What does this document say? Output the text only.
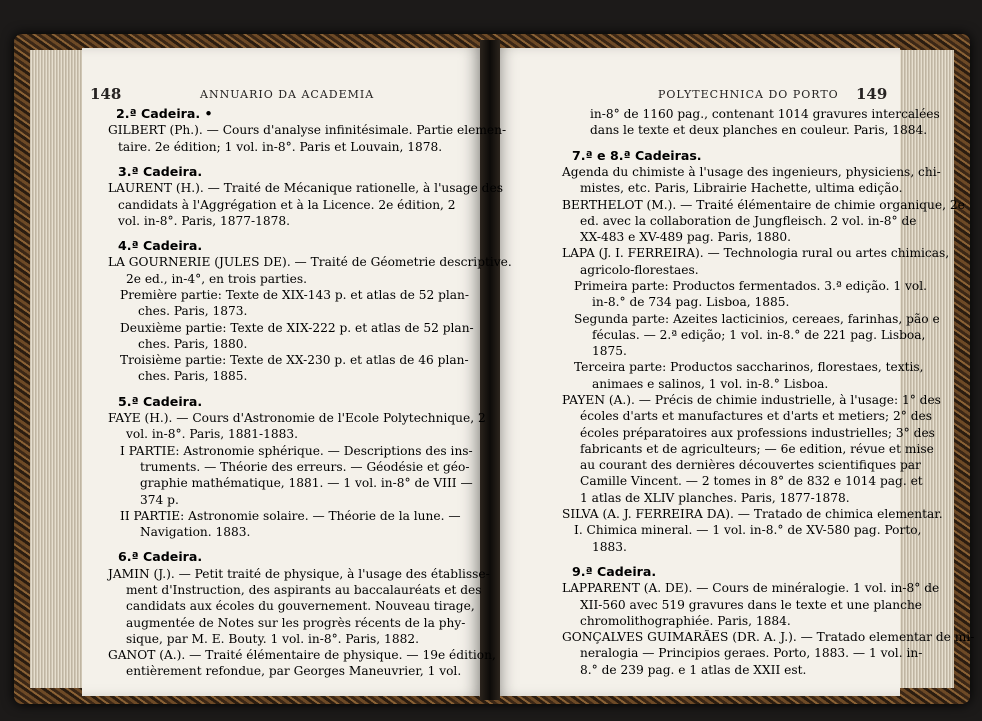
148	ANNUARIO DA ACADEMIA	POLYTECHNICA DO PORTO 149
2.ª Cadeira. •
GILBERT (Ph.). — Cours d'analyse infinitésimale. Partie elemen-
taire. 2e édition; 1 vol. in-8°. Paris et Louvain, 1878.
3.ª Cadeira.
LAURENT (H.). — Traité de Mécanique rationelle, à l'usage des
candidats à l'Aggrégation et à la Licence. 2e édition, 2
vol. in-8°. Paris, 1877-1878.
4.ª Cadeira.
LA GOURNERIE (JULES DE). — Traité de Géometrie descriptive.
2e ed., in-4°, en trois parties.
Première partie: Texte de XIX-143 p. et atlas de 52 plan-
ches. Paris, 1873.
Deuxième partie: Texte de XIX-222 p. et atlas de 52 plan-
ches. Paris, 1880.
Troisième partie: Texte de XX-230 p. et atlas de 46 plan-
ches. Paris, 1885.
5.ª Cadeira.
FAYE (H.). — Cours d'Astronomie de l'Ecole Polytechnique, 2
vol. in-8°. Paris, 1881-1883.
I PARTIE: Astronomie sphérique. — Descriptions des ins-
truments. — Théorie des erreurs. — Géodésie et géo-
graphie mathématique, 1881. — 1 vol. in-8° de VIII —
374 p.
II PARTIE: Astronomie solaire. — Théorie de la lune. —
Navigation. 1883.
6.ª Cadeira.
JAMIN (J.). — Petit traité de physique, à l'usage des établisse-
ment d'Instruction, des aspirants au baccalauréats et des
candidats aux écoles du gouvernement. Nouveau tirage,
augmentée de Notes sur les progrès récents de la phy-
sique, par M. E. Bouty. 1 vol. in-8°. Paris, 1882.
GANOT (A.). — Traité élémentaire de physique. — 19e édition,
entièrement refondue, par Georges Maneuvrier, 1 vol.
in-8° de 1160 pag., contenant 1014 gravures intercalées
dans le texte et deux planches en couleur. Paris, 1884.
7.ª e 8.ª Cadeiras.
Agenda du chimiste à l'usage des ingenieurs, physiciens, chi-
mistes, etc. Paris, Librairie Hachette, ultima edição.
BERTHELOT (M.). — Traité élémentaire de chimie organique, 2e
ed. avec la collaboration de Jungfleisch. 2 vol. in-8° de
XX-483 e XV-489 pag. Paris, 1880.
LAPA (J. I. FERREIRA). — Technologia rural ou artes chimicas,
agricolo-florestaes.
Primeira parte: Productos fermentados. 3.ª edição. 1 vol.
in-8.° de 734 pag. Lisboa, 1885.
Segunda parte: Azeites lacticinios, cereaes, farinhas, pão e
féculas. — 2.ª edição; 1 vol. in-8.° de 221 pag. Lisboa,
1875.
Terceira parte: Productos saccharinos, florestaes, textis,
animaes e salinos, 1 vol. in-8.° Lisboa.
PAYEN (A.). — Précis de chimie industrielle, à l'usage: 1° des
écoles d'arts et manufactures et d'arts et metiers; 2° des
écoles préparatoires aux professions industrielles; 3° des
fabricants et de agriculteurs; — 6e edition, révue et mise
au courant des dernières découvertes scientifiques par
Camille Vincent. — 2 tomes in 8° de 832 e 1014 pag. et
1 atlas de XLIV planches. Paris, 1877-1878.
SILVA (A. J. FERREIRA DA). — Tratado de chimica elementar.
I. Chimica mineral. — 1 vol. in-8.° de XV-580 pag. Porto,
1883.
9.ª Cadeira.
LAPPARENT (A. DE). — Cours de minéralogie. 1 vol. in-8° de
XII-560 avec 519 gravures dans le texte et une planche
chromolithographiée. Paris, 1884.
GONÇALVES GUIMARÃES (DR. A. J.). — Tratado elementar de mi-
neralogia — Principios geraes. Porto, 1883. — 1 vol. in-
8.° de 239 pag. e 1 atlas de XXII est.
